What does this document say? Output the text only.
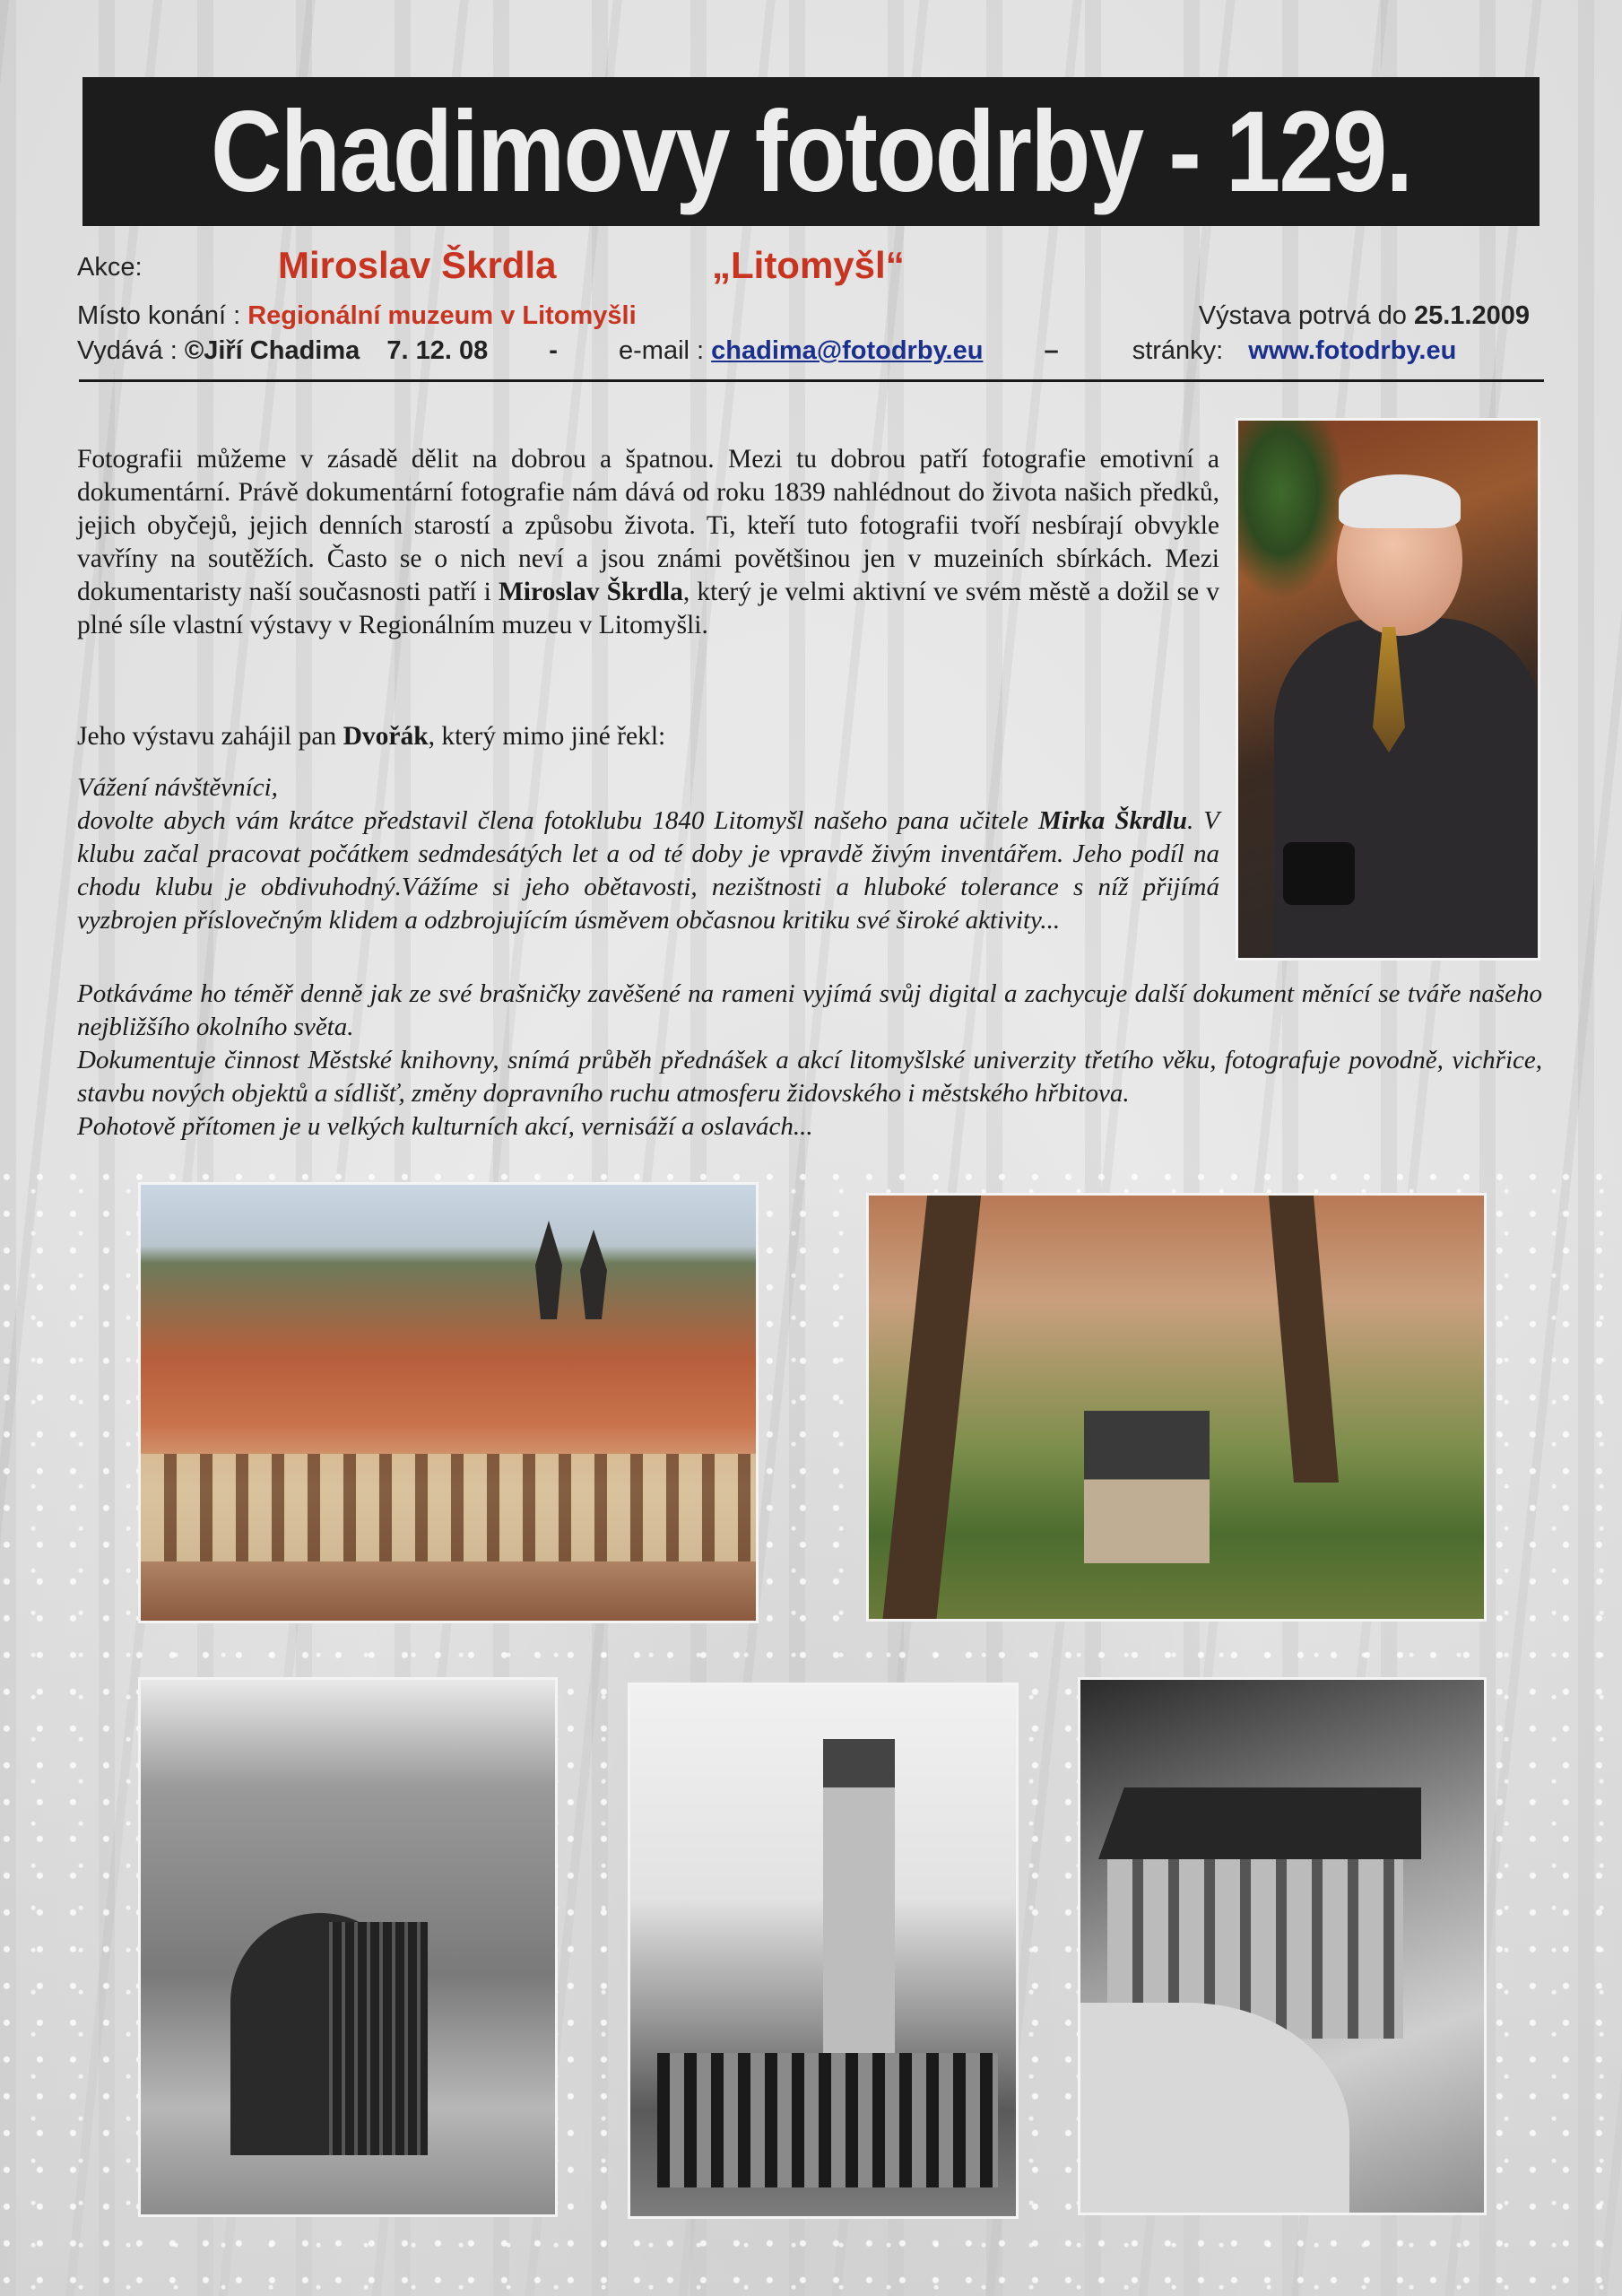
Chadimovy fotodrby - 129.
Akce:	Miroslav Škrdla	„Litomyšl“
Místo konání : Regionální muzeum v Litomyšli	Výstava potrvá do 25.1.2009
Vydává : ©Jiří Chadima 7. 12. 08 - e-mail : chadima@fotodrby.eu –	stránky: www.fotodrby.eu
Fotografii můžeme v zásadě dělit na dobrou a špatnou. Mezi tu dobrou patří fotografie emotivní a dokumentární. Právě dokumentární fotografie nám dává od roku 1839 nahlédnout do života našich předků, jejich obyčejů, jejich denních starostí a způsobu života. Ti, kteří tuto fotografii tvoří nesbírají obvykle vavříny na soutěžích. Často se o nich neví a jsou známi povětšinou jen v muzeiních sbírkách. Mezi dokumentaristy naší současnosti patří i Miroslav Škrdla, který je velmi aktivní ve svém městě a dožil se v plné síle vlastní výstavy v Regionálním muzeu v Litomyšli.
Jeho výstavu zahájil pan Dvořák, který mimo jiné řekl:
Vážení návštěvníci,
dovolte abych vám krátce představil člena fotoklubu 1840 Litomyšl našeho pana učitele Mirka Škrdlu. V klubu začal pracovat počátkem sedmdesátých let a od té doby je vpravdě živým inventářem. Jeho podíl na chodu klubu je obdivuhodný.Vážíme si jeho obětavosti, nezištnosti a hluboké tolerance s níž přijímá vyzbrojen příslovečným klidem a odzbrojujícím úsměvem občasnou kritiku své široké aktivity...
Potkáváme ho téměř denně jak ze své brašničky zavěšené na rameni vyjímá svůj digital a zachycuje další dokument měnící se tváře našeho nejbližšího okolního světa.
Dokumentuje činnost Městské knihovny, snímá průběh přednášek a akcí litomyšlské univerzity třetího věku, fotografuje povodně, vichřice, stavbu nových objektů a sídlišť, změny dopravního ruchu atmosferu židovského i městského hřbitova.
Pohotově přítomen je u velkých kulturních akcí, vernisáží a oslavách...
